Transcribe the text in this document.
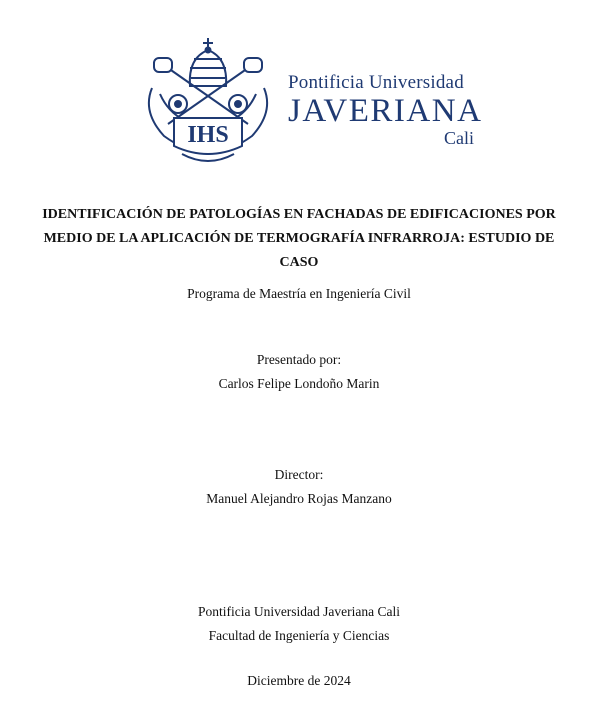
IHS
Pontificia Universidad
JAVERIANA
Cali
IDENTIFICACIÓN DE PATOLOGÍAS EN FACHADAS DE EDIFICACIONES POR MEDIO DE LA APLICACIÓN DE TERMOGRAFÍA INFRARROJA: ESTUDIO DE CASO
Programa de Maestría en Ingeniería Civil
Presentado por:
Carlos Felipe Londoño Marin
Director:
Manuel Alejandro Rojas Manzano
Pontificia Universidad Javeriana Cali
Facultad de Ingeniería y Ciencias
Diciembre de 2024
